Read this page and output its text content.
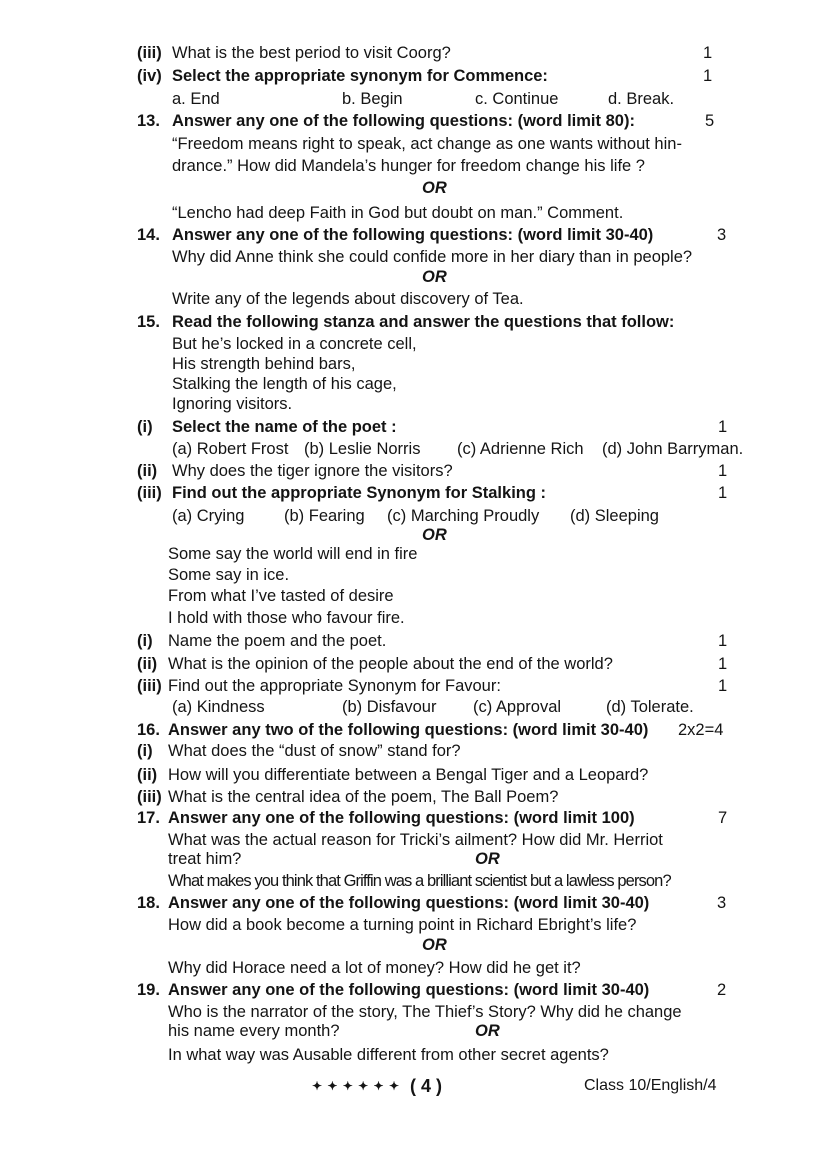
(iii) What is the best period to visit Coorg?	1
(iv) Select the appropriate synonym for Commence:	1
a. End	b. Begin	c. Continue	d. Break.
13. Answer any one of the following questions: (word limit 80):	5
“Freedom means right to speak, act change as one wants without hin-
drance.” How did Mandela’s hunger for freedom change his life ?
OR
“Lencho had deep Faith in God but doubt on man.” Comment.
14. Answer any one of the following questions: (word limit 30-40)	3
Why did Anne think she could confide more in her diary than in people?
OR
Write any of the legends about discovery of Tea.
15. Read the following stanza and answer the questions that follow:
But he’s locked in a concrete cell,
His strength behind bars,
Stalking the length of his cage,
Ignoring visitors.
(i) Select the name of the poet :	1
(a) Robert Frost (b) Leslie Norris (c) Adrienne Rich (d) John Barryman.
(ii) Why does the tiger ignore the visitors?	1
(iii) Find out the appropriate Synonym for Stalking :	1
(a) Crying (b) Fearing (c) Marching Proudly (d) Sleeping
OR
Some say the world will end in fire
Some say in ice.
From what I’ve tasted of desire
I hold with those who favour fire.
(i) Name the poem and the poet.	1
(ii) What is the opinion of the people about the end of the world?	1
(iii) Find out the appropriate Synonym for Favour:	1
(a) Kindness	(b) Disfavour (c) Approval	(d) Tolerate.
16. Answer any two of the following questions: (word limit 30-40) 2x2=4
(i) What does the “dust of snow” stand for?
(ii) How will you differentiate between a Bengal Tiger and a Leopard?
(iii) What is the central idea of the poem, The Ball Poem?
17. Answer any one of the following questions: (word limit 100)	7
What was the actual reason for Tricki’s ailment? How did Mr. Herriot
treat him?	OR
What makes you think that Griffin was a brilliant scientist but a lawless person?
18. Answer any one of the following questions: (word limit 30-40)	3
How did a book become a turning point in Richard Ebright’s life?
OR
Why did Horace need a lot of money? How did he get it?
19. Answer any one of the following questions: (word limit 30-40)	2
Who is the narrator of the story, The Thief’s Story? Why did he change
his name every month?	OR
In what way was Ausable different from other secret agents?
✦ ✦ ✦ ✦ ✦ ✦ ( 4 )	Class 10/English/4
